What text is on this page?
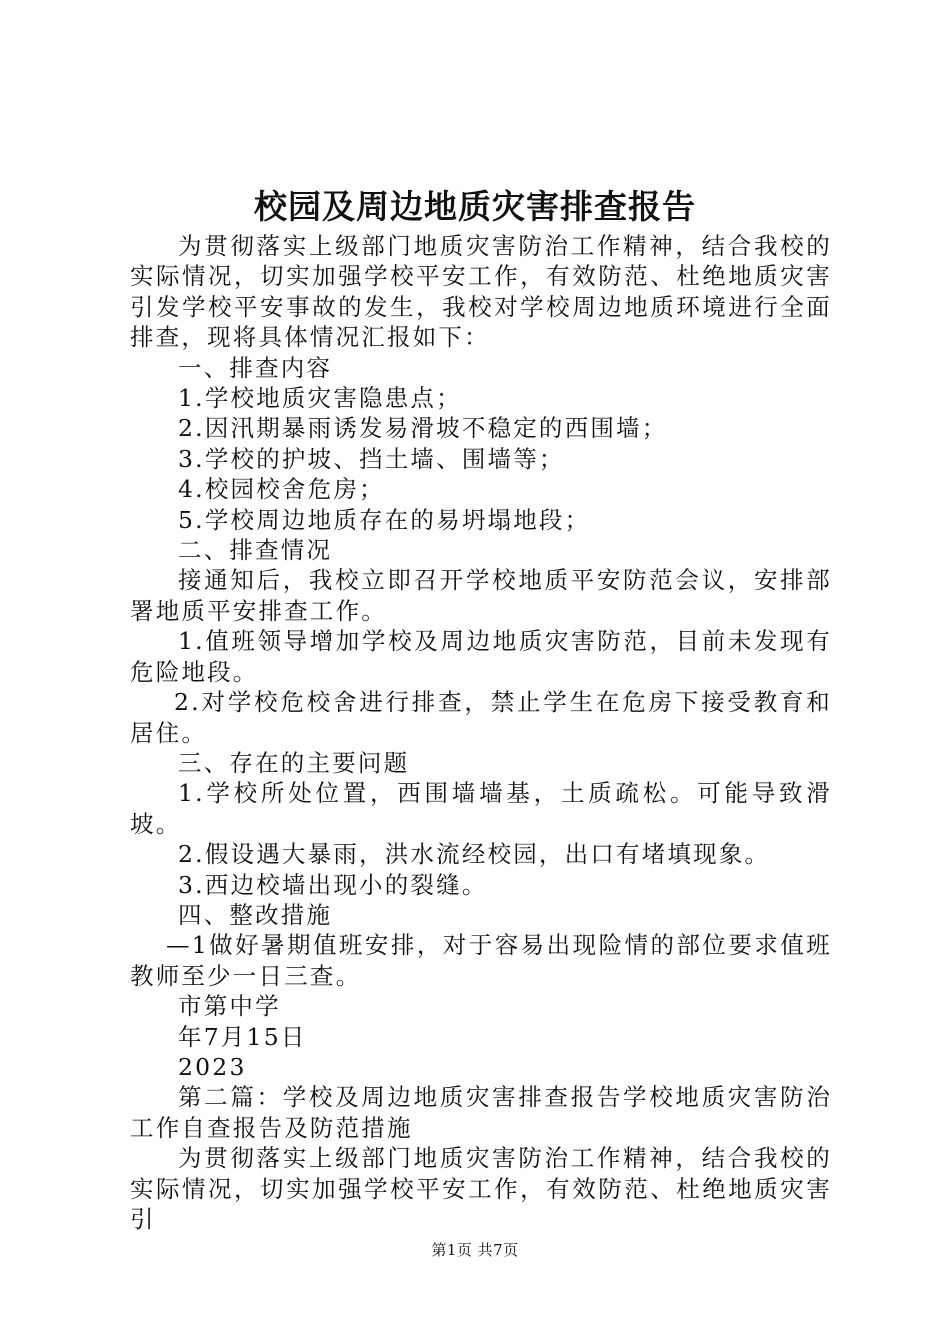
校园及周边地质灾害排查报告

为贯彻落实上级部门地质灾害防治工作精神，结合我校的实际情况，切实加强学校平安工作，有效防范、杜绝地质灾害引发学校平安事故的发生，我校对学校周边地质环境进行全面排查，现将具体情况汇报如下：

一、排查内容

1.学校地质灾害隐患点；

2.因汛期暴雨诱发易滑坡不稳定的西围墙；

3.学校的护坡、挡土墙、围墙等；

4.校园校舍危房；

5.学校周边地质存在的易坍塌地段；

二、排查情况

接通知后，我校立即召开学校地质平安防范会议，安排部署地质平安排查工作。

1.值班领导增加学校及周边地质灾害防范，目前未发现有危险地段。

2.对学校危校舍进行排查，禁止学生在危房下接受教育和居住。

三、存在的主要问题

1.学校所处位置，西围墙墙基，土质疏松。可能导致滑坡。

2.假设遇大暴雨，洪水流经校园，出口有堵填现象。

3.西边校墙出现小的裂缝。

四、整改措施

—1做好暑期值班安排，对于容易出现险情的部位要求值班教师至少一日三查。

市第中学

年7月15日

2023

第二篇：学校及周边地质灾害排查报告学校地质灾害防治工作自查报告及防范措施

为贯彻落实上级部门地质灾害防治工作精神，结合我校的实际情况，切实加强学校平安工作，有效防范、杜绝地质灾害引

第1页 共7页
